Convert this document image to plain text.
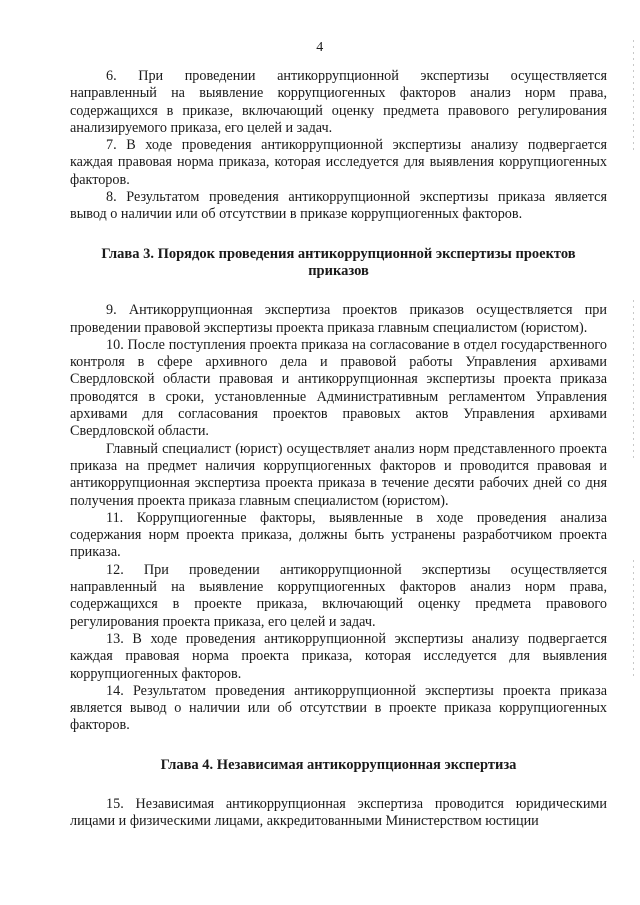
4

6. При проведении антикоррупционной экспертизы осуществляется направленный на выявление коррупциогенных факторов анализ норм права, содержащихся в приказе, включающий оценку предмета правового регулирования анализируемого приказа, его целей и задач.

7. В ходе проведения антикоррупционной экспертизы анализу подвергается каждая правовая норма приказа, которая исследуется для выявления коррупциогенных факторов.

8. Результатом проведения антикоррупционной экспертизы приказа является вывод о наличии или об отсутствии в приказе коррупциогенных факторов.

Глава 3. Порядок проведения антикоррупционной экспертизы проектов приказов

9. Антикоррупционная экспертиза проектов приказов осуществляется при проведении правовой экспертизы проекта приказа главным специалистом (юристом).

10. После поступления проекта приказа на согласование в отдел государственного контроля в сфере архивного дела и правовой работы Управления архивами Свердловской области правовая и антикоррупционная экспертизы проекта приказа проводятся в сроки, установленные Административным регламентом Управления архивами для согласования проектов правовых актов Управления архивами Свердловской области.

Главный специалист (юрист) осуществляет анализ норм представленного проекта приказа на предмет наличия коррупциогенных факторов и проводится правовая и антикоррупционная экспертиза проекта приказа в течение десяти рабочих дней со дня получения проекта приказа главным специалистом (юристом).

11. Коррупциогенные факторы, выявленные в ходе проведения анализа содержания норм проекта приказа, должны быть устранены разработчиком проекта приказа.

12. При проведении антикоррупционной экспертизы осуществляется направленный на выявление коррупциогенных факторов анализ норм права, содержащихся в проекте приказа, включающий оценку предмета правового регулирования проекта приказа, его целей и задач.

13. В ходе проведения антикоррупционной экспертизы анализу подвергается каждая правовая норма проекта приказа, которая исследуется для выявления коррупциогенных факторов.

14. Результатом проведения антикоррупционной экспертизы проекта приказа является вывод о наличии или об отсутствии в проекте приказа коррупциогенных факторов.

Глава 4. Независимая антикоррупционная экспертиза

15. Независимая антикоррупционная экспертиза проводится юридическими лицами и физическими лицами, аккредитованными Министерством юстиции
